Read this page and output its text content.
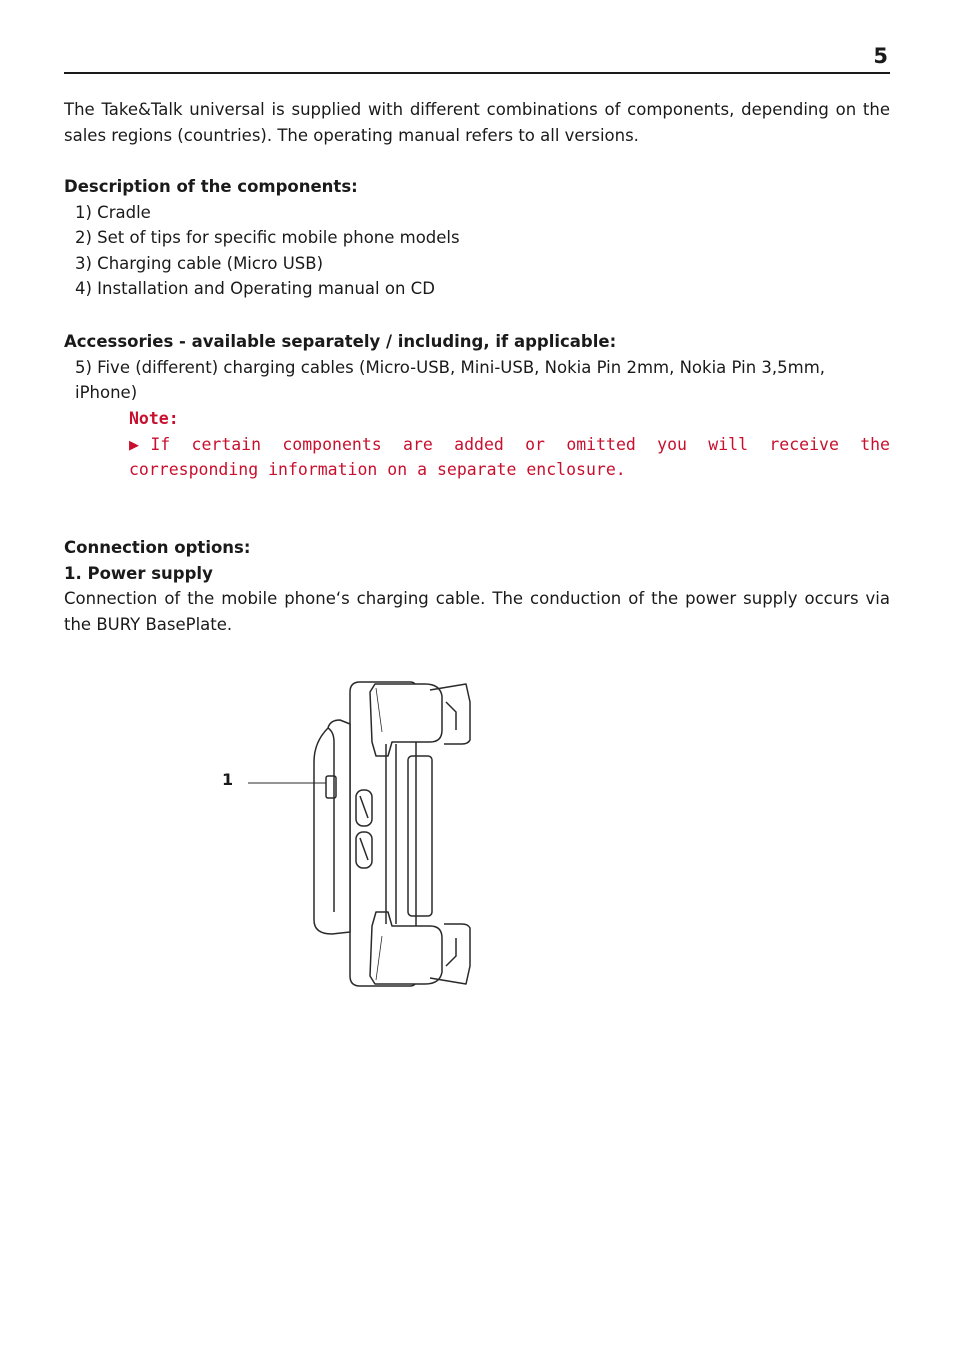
5

The Take&Talk universal is supplied with different combinations of components, depending on the sales regions (countries). The operating manual refers to all versions.

Description of the components:
1) Cradle
2) Set of tips for specific mobile phone models
3) Charging cable (Micro USB)
4) Installation and Operating manual on CD
Accessories - available separately / including, if applicable:
5) Five (different) charging cables (Micro-USB, Mini-USB, Nokia Pin 2mm, Nokia Pin 3,5mm, iPhone)
Note:
▶If certain components are added or omitted you will receive the corresponding information on a separate enclosure.
Connection options:
1. Power supply

Connection of the mobile phone‘s charging cable. The conduction of the power supply occurs via the BURY BasePlate.

1
